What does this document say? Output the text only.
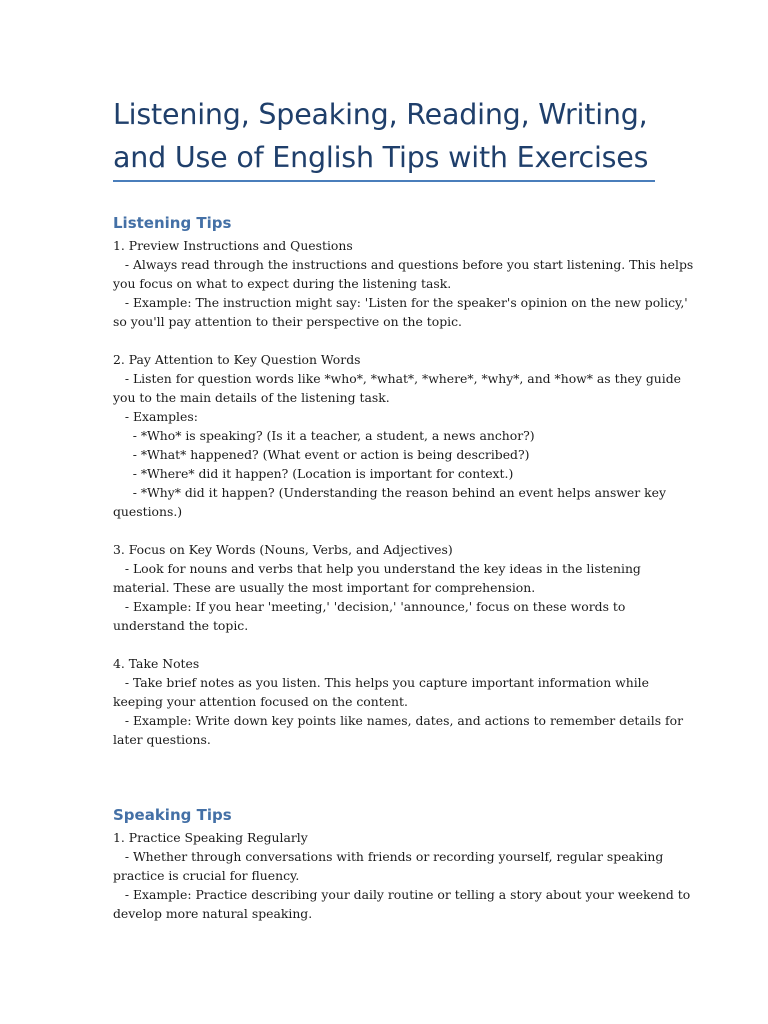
Listening, Speaking, Reading, Writing,
and Use of English Tips with Exercises
Listening Tips
1. Preview Instructions and Questions
- Always read through the instructions and questions before you start listening. This helps
you focus on what to expect during the listening task.
- Example: The instruction might say: 'Listen for the speaker's opinion on the new policy,'
so you'll pay attention to their perspective on the topic.
2. Pay Attention to Key Question Words
- Listen for question words like *who*, *what*, *where*, *why*, and *how* as they guide
you to the main details of the listening task.
- Examples:
- *Who* is speaking? (Is it a teacher, a student, a news anchor?)
- *What* happened? (What event or action is being described?)
- *Where* did it happen? (Location is important for context.)
- *Why* did it happen? (Understanding the reason behind an event helps answer key
questions.)
3. Focus on Key Words (Nouns, Verbs, and Adjectives)
- Look for nouns and verbs that help you understand the key ideas in the listening
material. These are usually the most important for comprehension.
- Example: If you hear 'meeting,' 'decision,' 'announce,' focus on these words to
understand the topic.
4. Take Notes
- Take brief notes as you listen. This helps you capture important information while
keeping your attention focused on the content.
- Example: Write down key points like names, dates, and actions to remember details for
later questions.
Speaking Tips
1. Practice Speaking Regularly
- Whether through conversations with friends or recording yourself, regular speaking
practice is crucial for fluency.
- Example: Practice describing your daily routine or telling a story about your weekend to
develop more natural speaking.
